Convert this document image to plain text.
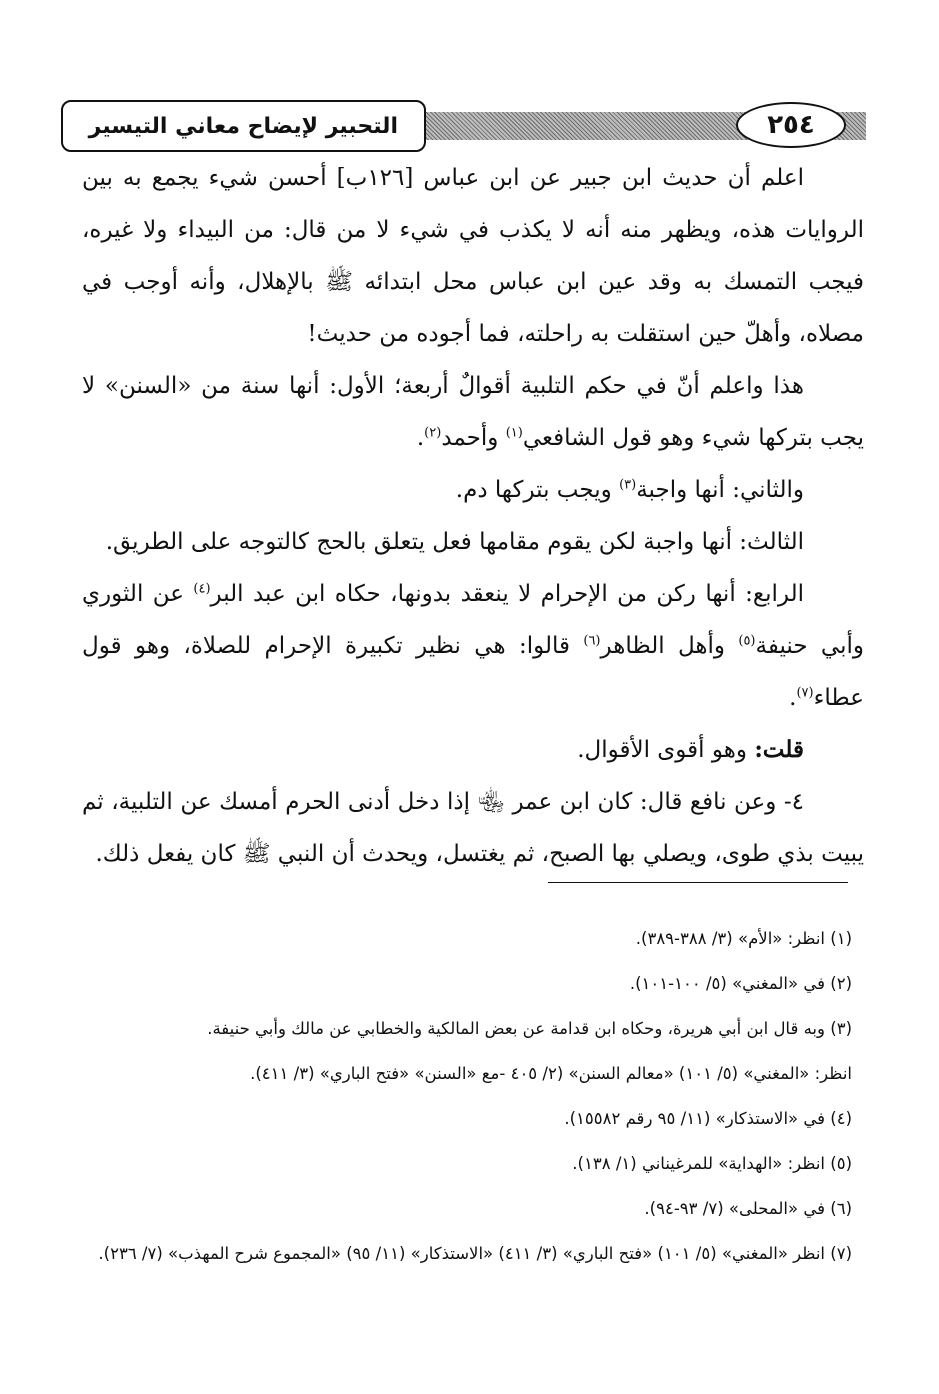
التحبير لإيضاح معاني التيسير	٢٥٤

اعلم أن حديث ابن جبير عن ابن عباس [١٢٦ب] أحسن شيء يجمع به بين الروايات هذه، ويظهر منه أنه لا يكذب في شيء لا من قال: من البيداء ولا غيره، فيجب التمسك به وقد عين ابن عباس محل ابتدائه ﷺ بالإهلال، وأنه أوجب في مصلاه، وأهلّ حين استقلت به راحلته، فما أجوده من حديث!

هذا واعلم أنّ في حكم التلبية أقوالٌ أربعة؛ الأول: أنها سنة من «السنن» لا يجب بتركها شيء وهو قول الشافعي$^{(١)}$ وأحمد$^{(٢)}$.

والثاني: أنها واجبة$^{(٣)}$ ويجب بتركها دم.

الثالث: أنها واجبة لكن يقوم مقامها فعل يتعلق بالحج كالتوجه على الطريق.

الرابع: أنها ركن من الإحرام لا ينعقد بدونها، حكاه ابن عبد البر$^{(٤)}$ عن الثوري وأبي حنيفة$^{(٥)}$ وأهل الظاهر$^{(٦)}$ قالوا: هي نظير تكبيرة الإحرام للصلاة، وهو قول عطاء$^{(٧)}$.

قلت: وهو أقوى الأقوال.

٤- وعن نافع قال: كان ابن عمر ﵄ إذا دخل أدنى الحرم أمسك عن التلبية، ثم يبيت بذي طوى، ويصلي بها الصبح، ثم يغتسل، ويحدث أن النبي ﷺ كان يفعل ذلك.

(١) انظر: «الأم» (٣/ ٣٨٨-٣٨٩).

(٢) في «المغني» (٥/ ١٠٠-١٠١).

(٣) وبه قال ابن أبي هريرة، وحكاه ابن قدامة عن بعض المالكية والخطابي عن مالك وأبي حنيفة.

انظر: «المغني» (٥/ ١٠١) «معالم السنن» (٢/ ٤٠٥ -مع «السنن» «فتح الباري» (٣/ ٤١١).

(٤) في «الاستذكار» (١١/ ٩٥ رقم ١٥٥٨٢).

(٥) انظر: «الهداية» للمرغيناني (١/ ١٣٨).

(٦) في «المحلى» (٧/ ٩٣-٩٤).

(٧) انظر «المغني» (٥/ ١٠١) «فتح الباري» (٣/ ٤١١) «الاستذكار» (١١/ ٩٥) «المجموع شرح المهذب» (٧/ ٢٣٦).
